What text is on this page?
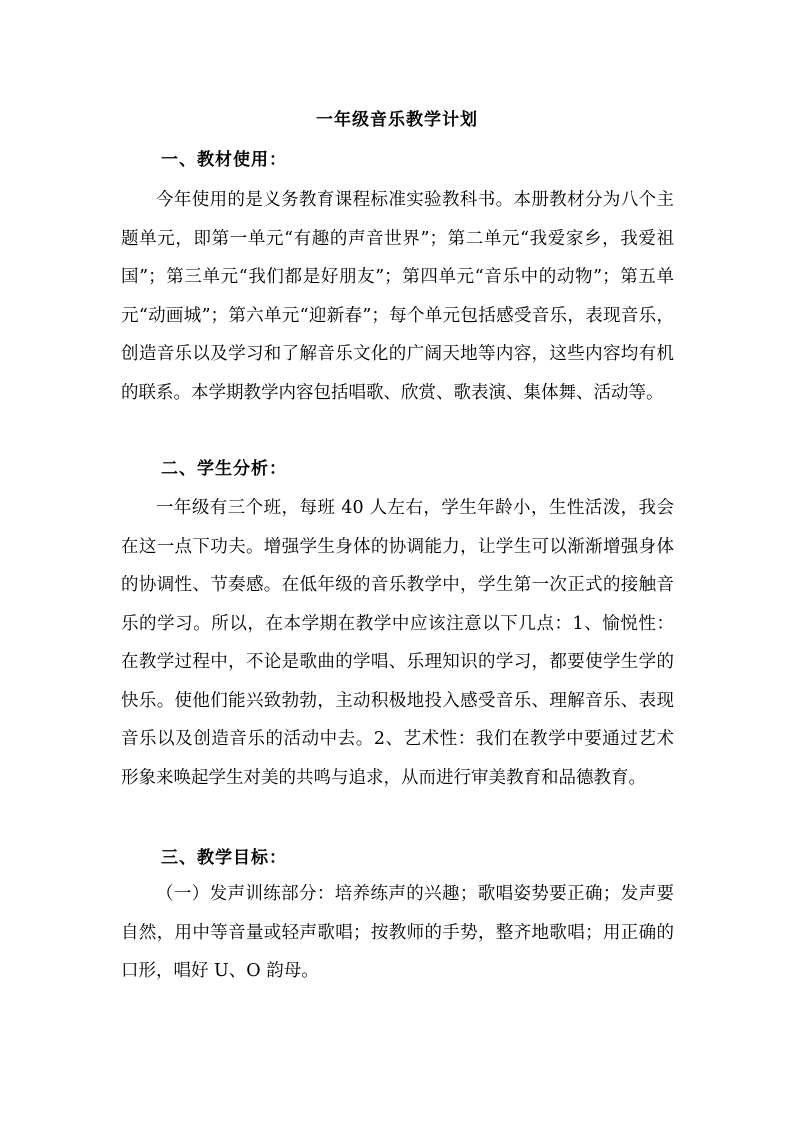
一年级音乐教学计划
一、教材使用：

今年使用的是义务教育课程标准实验教科书。本册教材分为八个主题单元，即第一单元“有趣的声音世界”；第二单元“我爱家乡，我爱祖国”；第三单元“我们都是好朋友”；第四单元“音乐中的动物”；第五单元“动画城”；第六单元“迎新春”；每个单元包括感受音乐，表现音乐，创造音乐以及学习和了解音乐文化的广阔天地等内容，这些内容均有机的联系。本学期教学内容包括唱歌、欣赏、歌表演、集体舞、活动等。

二、学生分析：

一年级有三个班，每班 40 人左右，学生年龄小，生性活泼，我会在这一点下功夫。增强学生身体的协调能力，让学生可以渐渐增强身体的协调性、节奏感。在低年级的音乐教学中，学生第一次正式的接触音乐的学习。所以，在本学期在教学中应该注意以下几点：1、愉悦性：在教学过程中，不论是歌曲的学唱、乐理知识的学习，都要使学生学的快乐。使他们能兴致勃勃，主动积极地投入感受音乐、理解音乐、表现音乐以及创造音乐的活动中去。2、艺术性：我们在教学中要通过艺术形象来唤起学生对美的共鸣与追求，从而进行审美教育和品德教育。

三、教学目标：

（一）发声训练部分：培养练声的兴趣；歌唱姿势要正确；发声要自然，用中等音量或轻声歌唱；按教师的手势，整齐地歌唱；用正确的口形，唱好 U、O 韵母。
